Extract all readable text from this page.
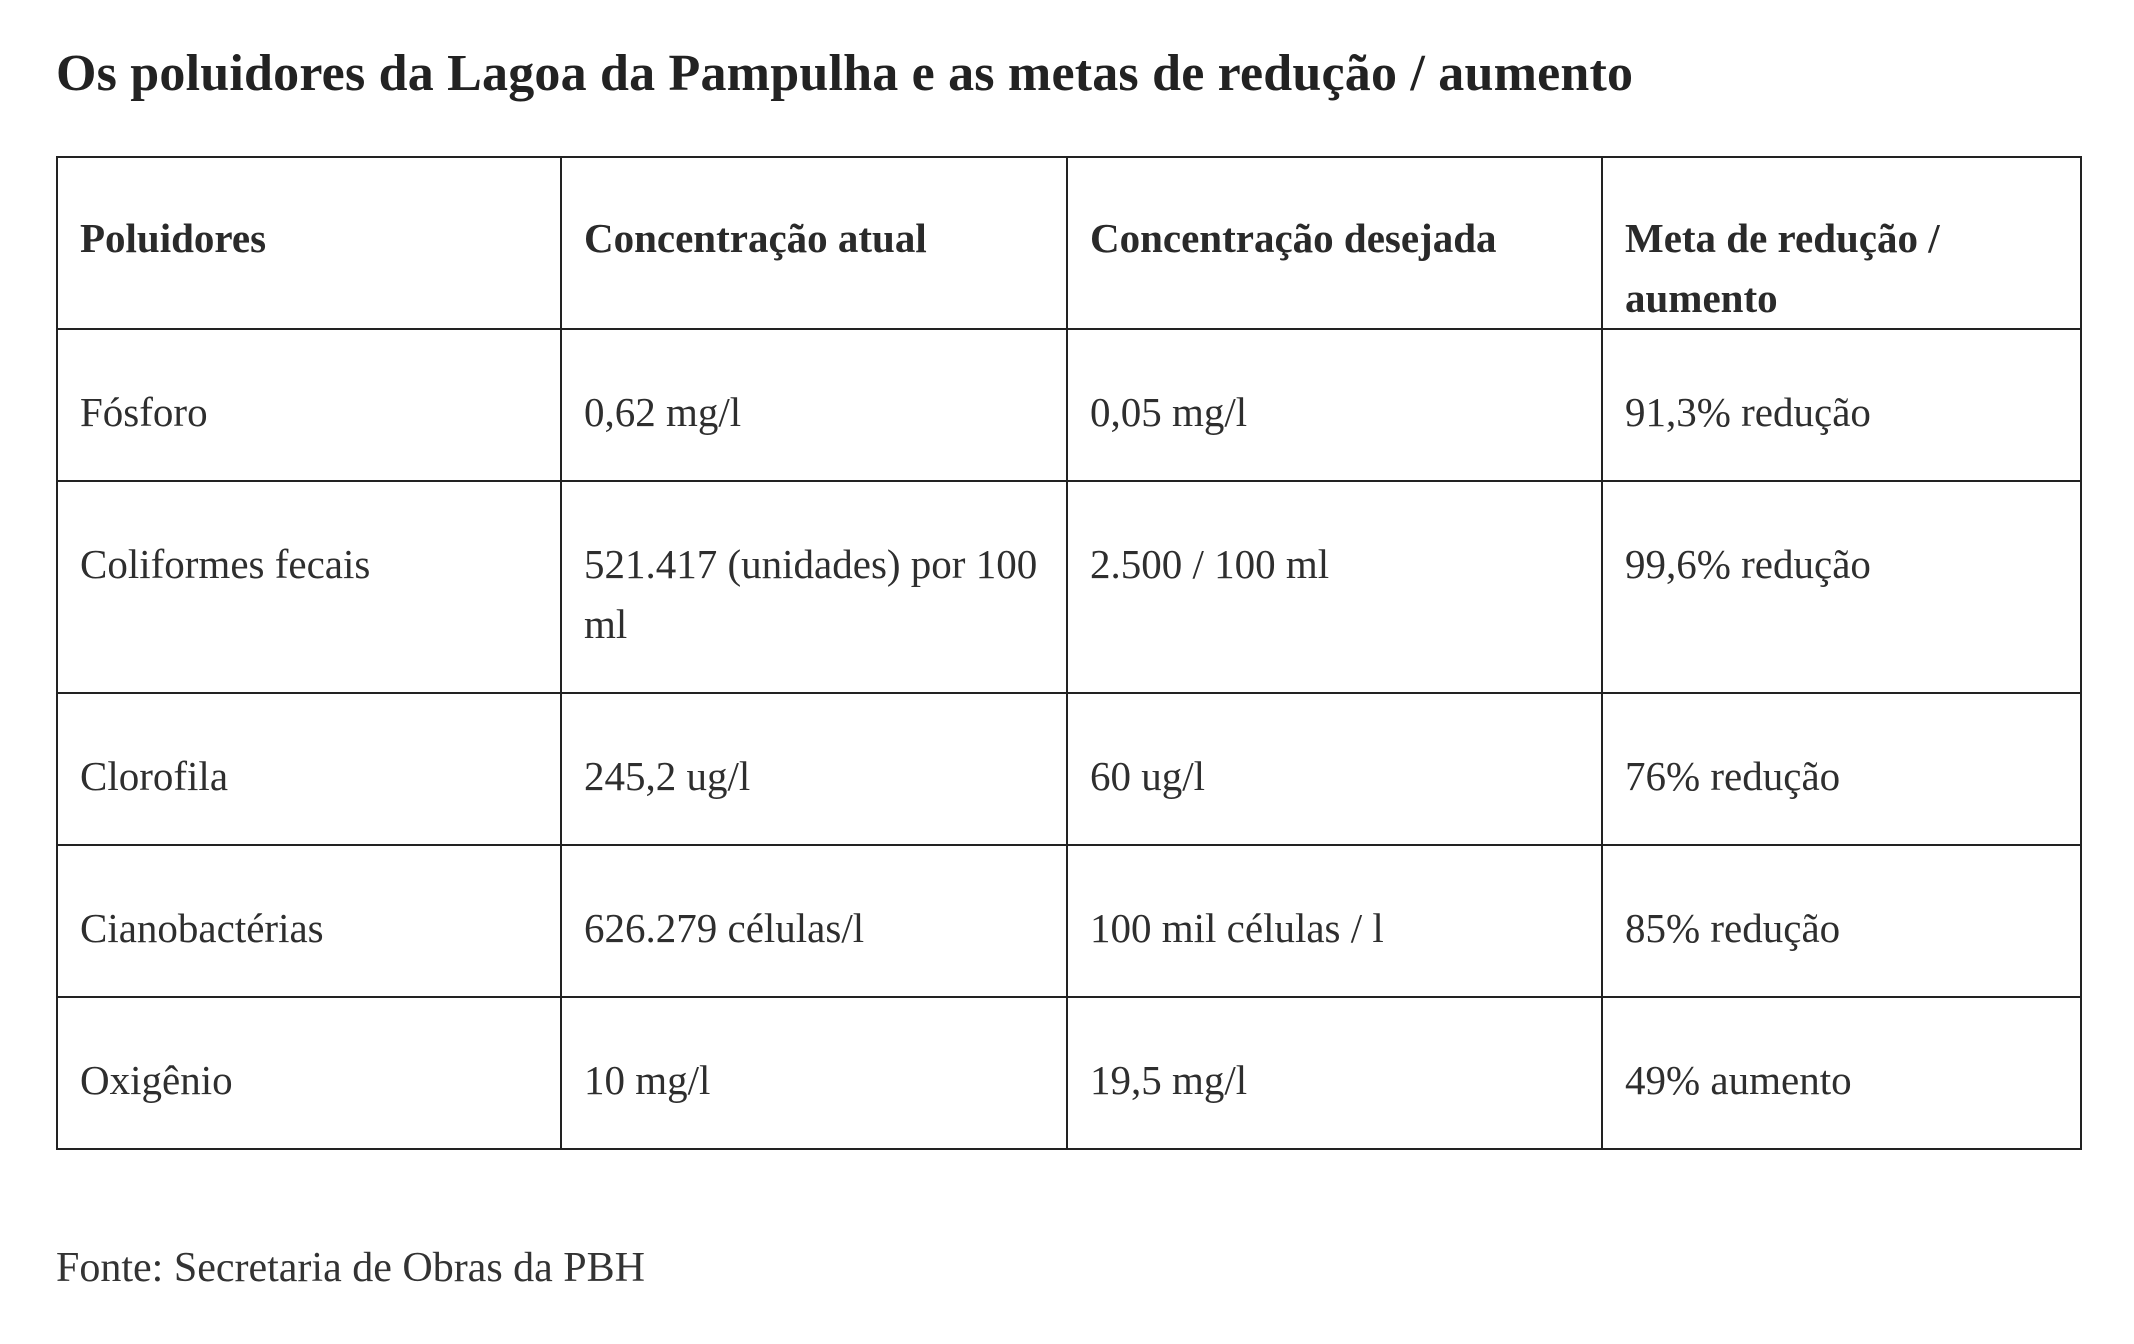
Os poluidores da Lagoa da Pampulha e as metas de redução / aumento
Poluidores	Concentração atual	Concentração desejada	Meta de redução / aumento
Fósforo	0,62 mg/l	0,05 mg/l	91,3% redução
Coliformes fecais	521.417 (unidades) por 100 ml	2.500 / 100 ml	99,6% redução
Clorofila	245,2 ug/l	60 ug/l	76% redução
Cianobactérias	626.279 células/l	100 mil células / l	85% redução
Oxigênio	10 mg/l	19,5 mg/l	49% aumento
Fonte: Secretaria de Obras da PBH
